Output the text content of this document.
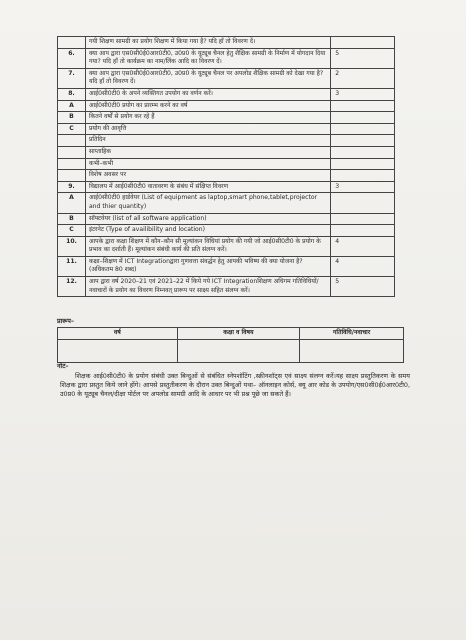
	गयी शिक्षण सामग्री का प्रयोग शिक्षण में किया गया है? यदि हाँ तो विवरण दें।	
6.	क्या आप द्वारा एस0सी0ई0आर0टी0, उ0प्र0 के यूट्यूब चैनल हेतु शैक्षिक सामग्री के निर्माण में योगदान दिया गया? यदि हाँ तो कार्यक्रम का नाम/लिंक आदि का विवरण दें।	5
7.	क्या आप द्वारा एस0सी0ई0आर0टी0, उ0प्र0 के यूट्यूब चैनल पर अपलोड शैक्षिक सामग्री को देखा गया है? यदि हाँ तो विवरण दें।	2
8.	आई0सी0टी0 के अपने व्यक्तिगत उपयोग का वर्णन करें।	3
A	आई0सी0टी0 प्रयोग का प्रारम्भ करने का वर्ष	
B	कितने वर्षों से प्रयोग कर रहे हैं	
C	प्रयोग की आवृत्ति	
	प्रतिदिन	
	साप्ताहिक	
	कभी–कभी	
	विशेष अवसर पर	
9.	विद्यालय में आई0सी0टी0 वातावरण के संबंध में संक्षिप्त विवरण	3
A	आई0सी0टी0 हार्डवेयर (List of equipment as laptop,smart phone,tablet,projector and thier quantity)	
B	सॉफ्टवेयर (list of all software application)	
C	इंटरनेट (Type of availibility and location)	
10.	आपके द्वारा कक्षा शिक्षण में कौन–कौन सी मूल्यांकन विधियां प्रयोग की गयी जो आई0सी0टी0 के प्रयोग के प्रभाव का दर्शाती हैं। मूल्यांकन संबंधी कार्य की प्रति संलग्न करें।	4
11.	कक्षा–शिक्षण में ICT Integrationद्वारा गुणवत्ता संवर्द्धन हेतु आपकी भविष्य की क्या योजना है? (अधिकतम 80 शब्द)	4
12.	आप द्वारा वर्ष 2020–21 एवं 2021–22 में किये गये ICT Integrationशिक्षण अधिगम गतिविधियों/नवाचारों के प्रयोग का विवरण निम्नवत् प्रारूप पर साक्ष्य सहित संलग्न करें।	5
प्रारूप–
वर्ष	कक्षा व विषय	गतिविधि/नवाचार

नोट–
शिक्षक आई0सी0टी0 के प्रयोग संबंधी उक्त बिन्दुओं से संबंधित स्नेपशॉटिंग ,स्क्रीनशॉट्स एवं साक्ष्य संलग्न करें।यह साक्ष्य प्रस्तुतिकरण के समय शिक्षक द्वारा प्रस्तुत किये जाने होंगे। आपसे प्रस्तुतीकरण के दौरान उक्त बिन्दुओं यथा– ऑनलाइन कोर्स, क्यू आर कोड के उपयोग/एस0सी0ई0आर0टी0, उ0प्र0 के यूट्यूब चैनल/दीक्षा पोर्टल पर अपलोड सामग्री आदि के आधार पर भी प्रश्न पूछे जा सकते हैं।
